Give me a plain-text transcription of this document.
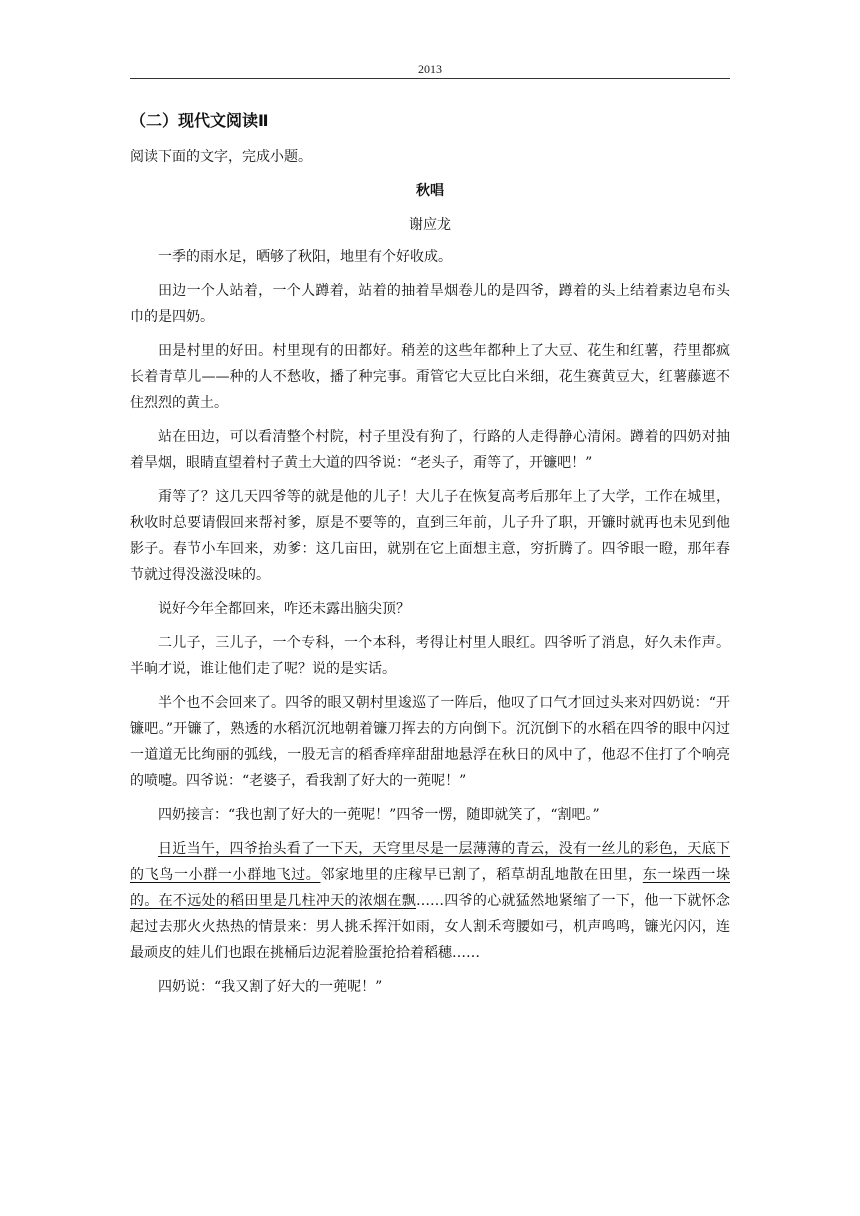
2013
（二）现代文阅读Ⅱ
阅读下面的文字，完成小题。
秋唱
谢应龙

一季的雨水足，晒够了秋阳，地里有个好收成。

田边一个人站着，一个人蹲着，站着的抽着旱烟卷儿的是四爷，蹲着的头上结着素边皂布头巾的是四奶。

田是村里的好田。村里现有的田都好。稍差的这些年都种上了大豆、花生和红薯，荇里都疯长着青草儿——种的人不愁收，播了种完事。甭管它大豆比白米细，花生赛黄豆大，红薯藤遮不住烈烈的黄土。

站在田边，可以看清整个村院，村子里没有狗了，行路的人走得静心清闲。蹲着的四奶对抽着旱烟，眼睛直望着村子黄土大道的四爷说：“老头子，甭等了，开镰吧！”

甭等了？这几天四爷等的就是他的儿子！大儿子在恢复高考后那年上了大学，工作在城里，秋收时总要请假回来帮衬爹，原是不要等的，直到三年前，儿子升了职，开镰时就再也未见到他影子。春节小车回来，劝爹：这几亩田，就别在它上面想主意，穷折腾了。四爷眼一瞪，那年春节就过得没滋没味的。

说好今年全都回来，咋还未露出脑尖顶？

二儿子，三儿子，一个专科，一个本科，考得让村里人眼红。四爷听了消息，好久未作声。半晌才说，谁让他们走了呢？说的是实话。

半个也不会回来了。四爷的眼又朝村里逡巡了一阵后，他叹了口气才回过头来对四奶说：“开镰吧。”开镰了，熟透的水稻沉沉地朝着镰刀挥去的方向倒下。沉沉倒下的水稻在四爷的眼中闪过一道道无比绚丽的弧线，一股无言的稻香痒痒甜甜地悬浮在秋日的风中了，他忍不住打了个响亮的喷嚏。四爷说：“老婆子，看我割了好大的一蔸呢！”

四奶接言：“我也割了好大的一蔸呢！”四爷一愣，随即就笑了，“割吧。”

日近当午，四爷抬头看了一下天，天穹里尽是一层薄薄的青云，没有一丝儿的彩色，天底下的飞鸟一小群一小群地飞过。邻家地里的庄稼早已割了，稻草胡乱地散在田里，东一垛西一垛的。在不远处的稻田里是几柱冲天的浓烟在飘……四爷的心就猛然地紧缩了一下，他一下就怀念起过去那火火热热的情景来：男人挑禾挥汗如雨，女人割禾弯腰如弓，机声鸣鸣，镰光闪闪，连最顽皮的娃儿们也跟在挑桶后边泥着脸蛋抢拾着稻穗……

四奶说：“我又割了好大的一蔸呢！”
